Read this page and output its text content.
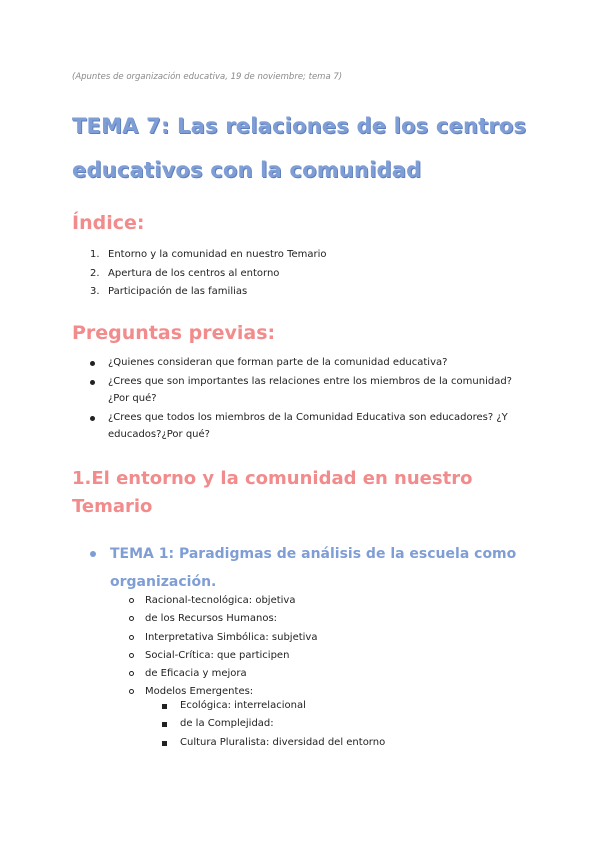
(Apuntes de organización educativa, 19 de noviembre; tema 7)
TEMA 7: Las relaciones de los centros educativos con la comunidad
Índice:
1. Entorno y la comunidad en nuestro Temario
2. Apertura de los centros al entorno
3. Participación de las familias
Preguntas previas:
¿Quienes consideran que forman parte de la comunidad educativa?
¿Crees que son importantes las relaciones entre los miembros de la comunidad? ¿Por qué?
¿Crees que todos los miembros de la Comunidad Educativa son educadores? ¿Y educados?¿Por qué?
1.El entorno y la comunidad en nuestro Temario
TEMA 1: Paradigmas de análisis de la escuela como organización.
Racional-tecnológica: objetiva
de los Recursos Humanos:
Interpretativa Simbólica: subjetiva
Social-Crítica: que participen
de Eficacia y mejora
Modelos Emergentes:
Ecológica: interrelacional
de la Complejidad:
Cultura Pluralista: diversidad del entorno
